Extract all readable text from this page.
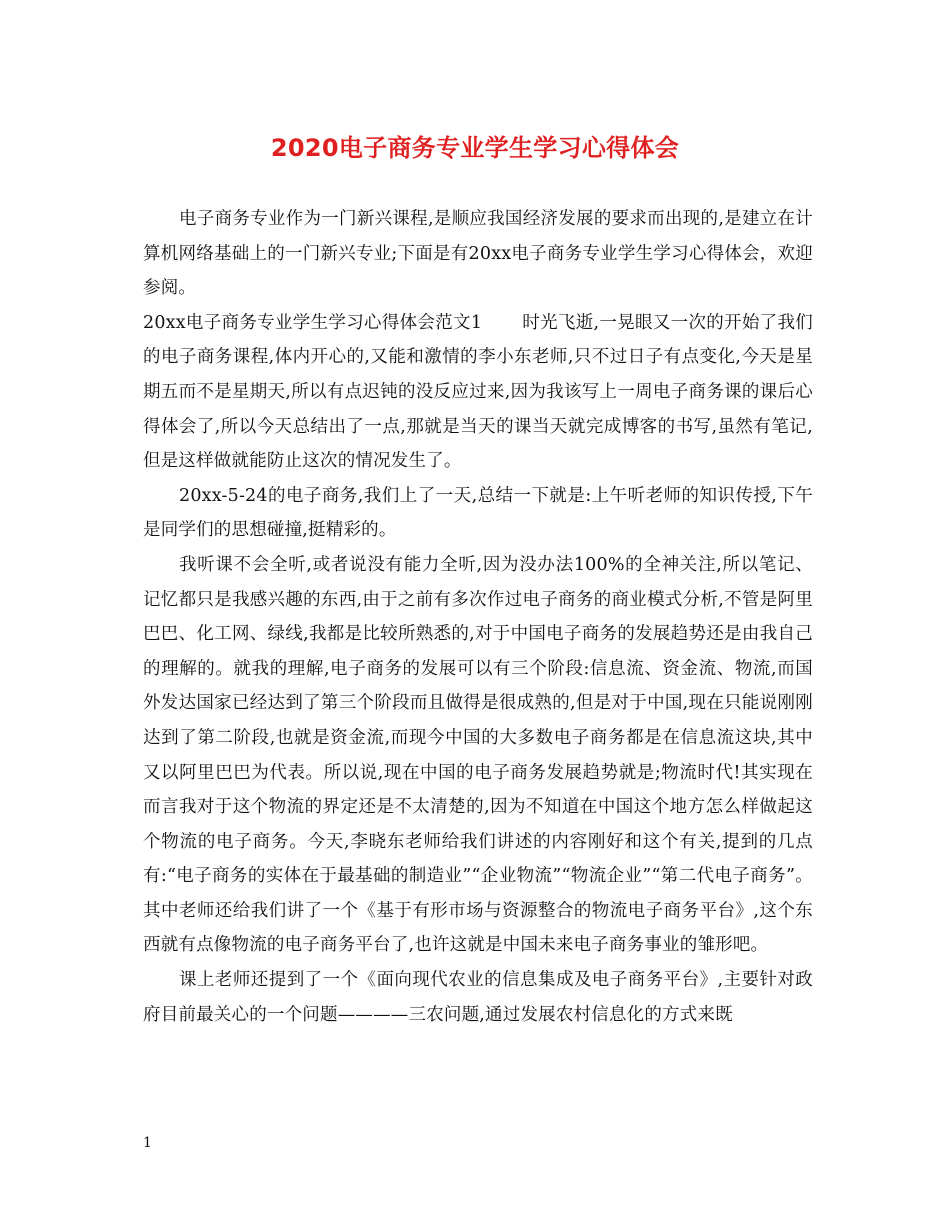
2020电子商务专业学生学习心得体会

电子商务专业作为一门新兴课程,是顺应我国经济发展的要求而出现的,是建立在计算机网络基础上的一门新兴专业;下面是有20xx电子商务专业学生学习心得体会，欢迎参阅。

20xx电子商务专业学生学习心得体会范文1 时光飞逝,一晃眼又一次的开始了我们的电子商务课程,体内开心的,又能和激情的李小东老师,只不过日子有点变化,今天是星期五而不是星期天,所以有点迟钝的没反应过来,因为我该写上一周电子商务课的课后心得体会了,所以今天总结出了一点,那就是当天的课当天就完成博客的书写,虽然有笔记,但是这样做就能防止这次的情况发生了。

20xx-5-24的电子商务,我们上了一天,总结一下就是:上午听老师的知识传授,下午是同学们的思想碰撞,挺精彩的。

我听课不会全听,或者说没有能力全听,因为没办法100%的全神关注,所以笔记、记忆都只是我感兴趣的东西,由于之前有多次作过电子商务的商业模式分析,不管是阿里巴巴、化工网、绿线,我都是比较所熟悉的,对于中国电子商务的发展趋势还是由我自己的理解的。就我的理解,电子商务的发展可以有三个阶段:信息流、资金流、物流,而国外发达国家已经达到了第三个阶段而且做得是很成熟的,但是对于中国,现在只能说刚刚达到了第二阶段,也就是资金流,而现今中国的大多数电子商务都是在信息流这块,其中又以阿里巴巴为代表。所以说,现在中国的电子商务发展趋势就是;物流时代!其实现在而言我对于这个物流的界定还是不太清楚的,因为不知道在中国这个地方怎么样做起这个物流的电子商务。今天,李晓东老师给我们讲述的内容刚好和这个有关,提到的几点有:“电子商务的实体在于最基础的制造业”“企业物流”“物流企业”“第二代电子商务”。其中老师还给我们讲了一个《基于有形市场与资源整合的物流电子商务平台》,这个东西就有点像物流的电子商务平台了,也许这就是中国未来电子商务事业的雏形吧。

课上老师还提到了一个《面向现代农业的信息集成及电子商务平台》,主要针对政府目前最关心的一个问题————三农问题,通过发展农村信息化的方式来既

1
